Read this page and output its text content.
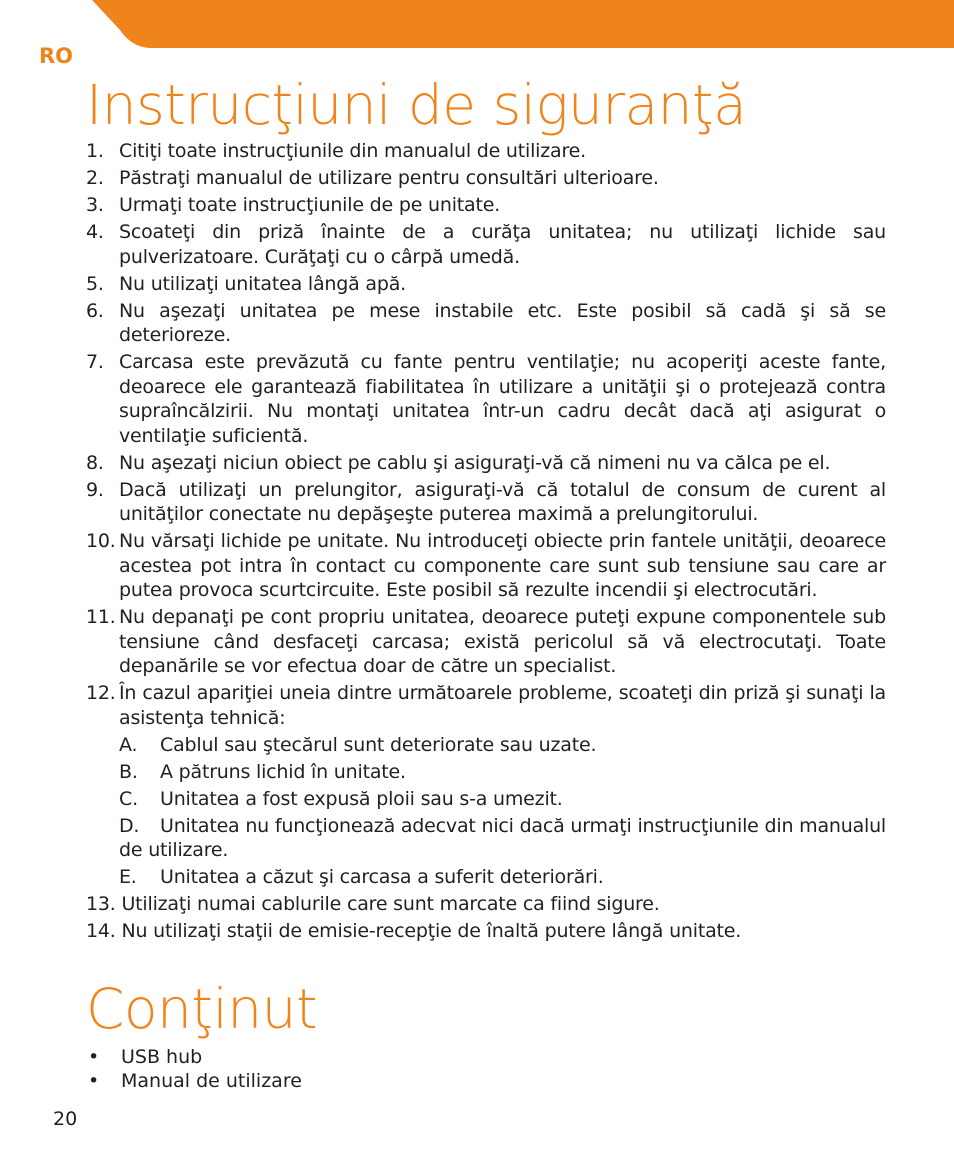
RO
Instrucţiuni de siguranţă
1. Citiţi toate instrucţiunile din manualul de utilizare.
2. Păstraţi manualul de utilizare pentru consultări ulterioare.
3. Urmaţi toate instrucţiunile de pe unitate.
4. Scoateţi din priză înainte de a curăţa unitatea; nu utilizaţi lichide sau pulverizatoare. Curăţaţi cu o cârpă umedă.
5. Nu utilizaţi unitatea lângă apă.
6. Nu aşezaţi unitatea pe mese instabile etc. Este posibil să cadă şi să se deterioreze.
7. Carcasa este prevăzută cu fante pentru ventilaţie; nu acoperiţi aceste fante, deoarece ele garantează fiabilitatea în utilizare a unităţii şi o protejează contra supraîncălzirii. Nu montaţi unitatea într-un cadru decât dacă aţi asigurat o ventilaţie suficientă.
8. Nu aşezaţi niciun obiect pe cablu şi asiguraţi-vă că nimeni nu va călca pe el.
9. Dacă utilizaţi un prelungitor, asiguraţi-vă că totalul de consum de curent al unităţilor conectate nu depăşeşte puterea maximă a prelungitorului.
10. Nu vărsaţi lichide pe unitate. Nu introduceţi obiecte prin fantele unităţii, deoarece acestea pot intra în contact cu componente care sunt sub tensiune sau care ar putea provoca scurtcircuite. Este posibil să rezulte incendii şi electrocutări.
11. Nu depanaţi pe cont propriu unitatea, deoarece puteţi expune componentele sub tensiune când desfaceţi carcasa; există pericolul să vă electrocutaţi. Toate depanările se vor efectua doar de către un specialist.
12. În cazul apariţiei uneia dintre următoarele probleme, scoateţi din priză şi sunaţi la asistenţa tehnică:
A.	Cablul sau ştecărul sunt deteriorate sau uzate.
B.	A pătruns lichid în unitate.
C.	Unitatea a fost expusă ploii sau s-a umezit.
D. Unitatea nu funcţionează adecvat nici dacă urmaţi instrucţiunile din manualul de utilizare.
E.	Unitatea a căzut şi carcasa a suferit deteriorări.
13. Utilizaţi numai cablurile care sunt marcate ca fiind sigure.
14. Nu utilizaţi staţii de emisie-recepţie de înaltă putere lângă unitate.
Conţinut
•	USB hub
•	Manual de utilizare
20
